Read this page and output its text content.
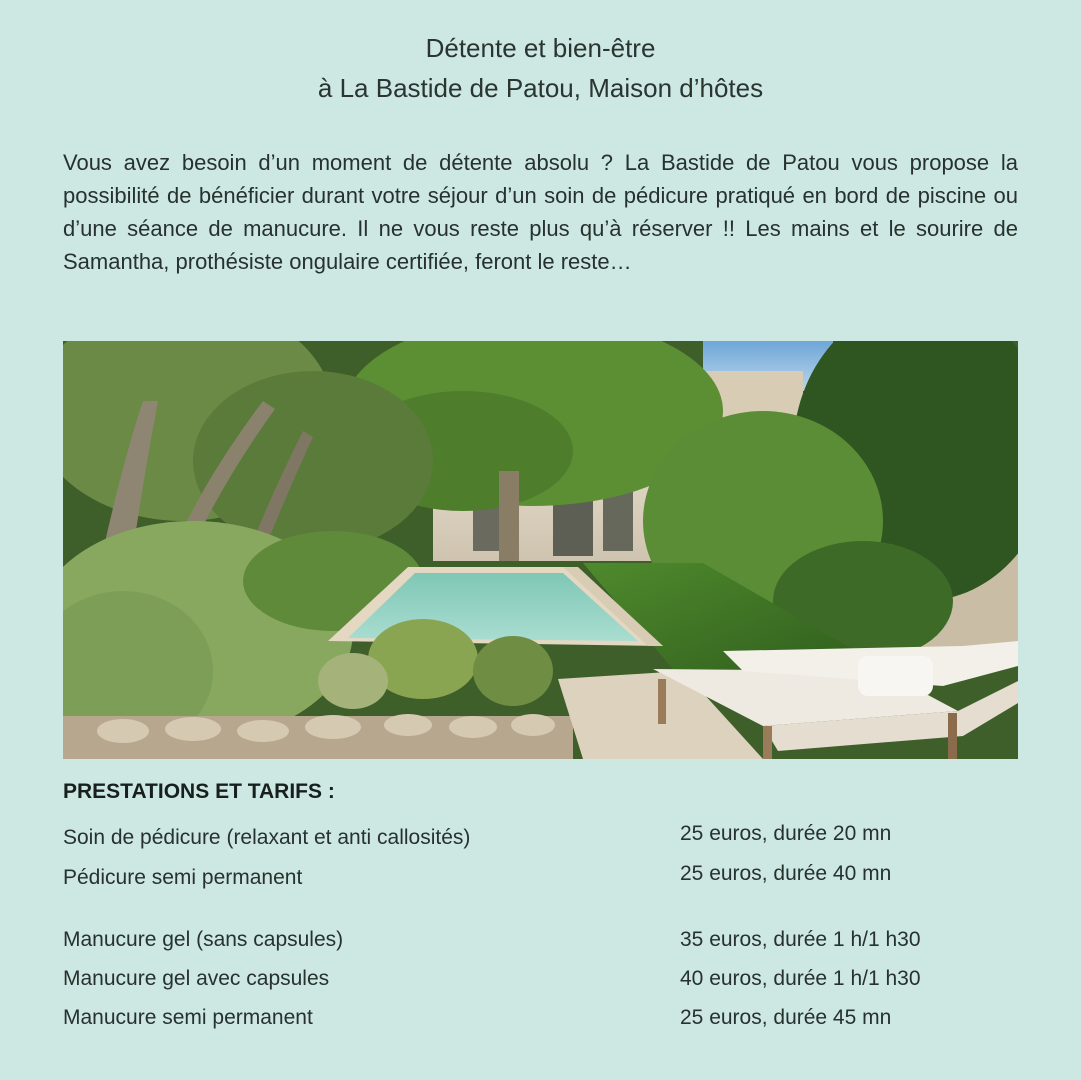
Détente et bien-être
à La Bastide de Patou, Maison d’hôtes
Vous avez besoin d’un moment de détente absolu ? La Bastide de Patou vous propose la possibilité de bénéficier durant votre séjour d’un soin de pédicure pratiqué en bord de piscine ou d’une séance de manucure. Il ne vous reste plus qu’à réserver !! Les mains et le sourire de Samantha, prothésiste ongulaire certifiée, feront le reste…
PRESTATIONS ET TARIFS :
Soin de pédicure (relaxant et anti callosités)	25 euros, durée 20 mn
Pédicure semi permanent	25 euros, durée 40 mn
Manucure gel (sans capsules)	35 euros, durée 1 h/1 h30
Manucure gel avec capsules	40 euros, durée 1 h/1 h30
Manucure semi permanent	25 euros, durée 45 mn
